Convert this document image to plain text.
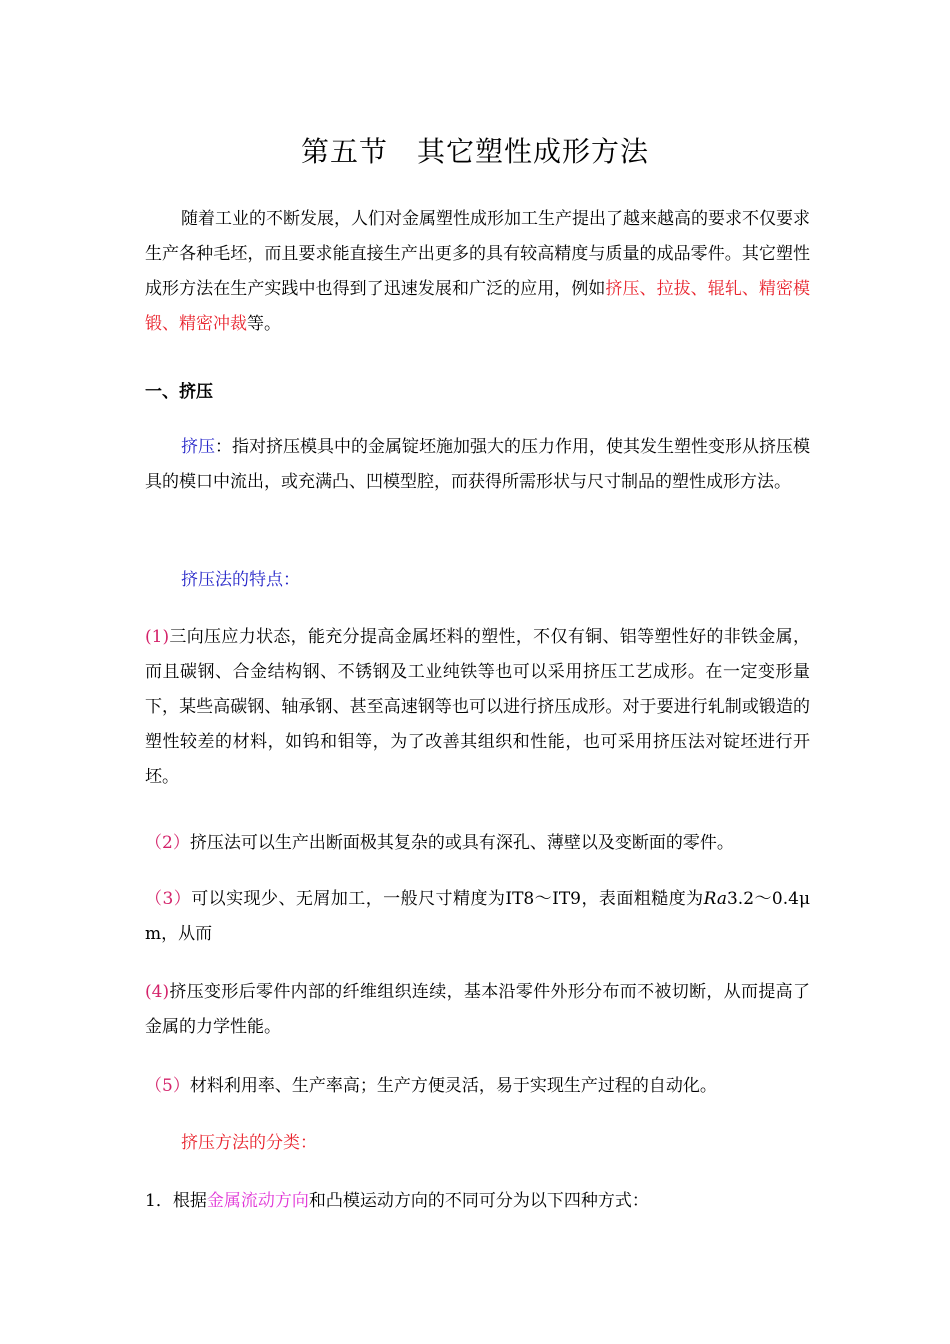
第五节　其它塑性成形方法
随着工业的不断发展，人们对金属塑性成形加工生产提出了越来越高的要求不仅要求生产各种毛坯，而且要求能直接生产出更多的具有较高精度与质量的成品零件。其它塑性成形方法在生产实践中也得到了迅速发展和广泛的应用，例如挤压、拉拔、辊轧、精密模锻、精密冲裁等。
一、挤压
挤压：指对挤压模具中的金属锭坯施加强大的压力作用，使其发生塑性变形从挤压模具的模口中流出，或充满凸、凹模型腔，而获得所需形状与尺寸制品的塑性成形方法。
挤压法的特点：
(1)三向压应力状态，能充分提高金属坯料的塑性，不仅有铜、铝等塑性好的非铁金属，而且碳钢、合金结构钢、不锈钢及工业纯铁等也可以采用挤压工艺成形。在一定变形量下，某些高碳钢、轴承钢、甚至高速钢等也可以进行挤压成形。对于要进行轧制或锻造的塑性较差的材料，如钨和钼等，为了改善其组织和性能，也可采用挤压法对锭坯进行开坯。
（2）挤压法可以生产出断面极其复杂的或具有深孔、薄壁以及变断面的零件。
（3）可以实现少、无屑加工，一般尺寸精度为IT8～IT9，表面粗糙度为Ra3.2～0.4μ m，从而
(4)挤压变形后零件内部的纤维组织连续，基本沿零件外形分布而不被切断，从而提高了金属的力学性能。
（5）材料利用率、生产率高；生产方便灵活，易于实现生产过程的自动化。
挤压方法的分类：
1．根据金属流动方向和凸模运动方向的不同可分为以下四种方式：
